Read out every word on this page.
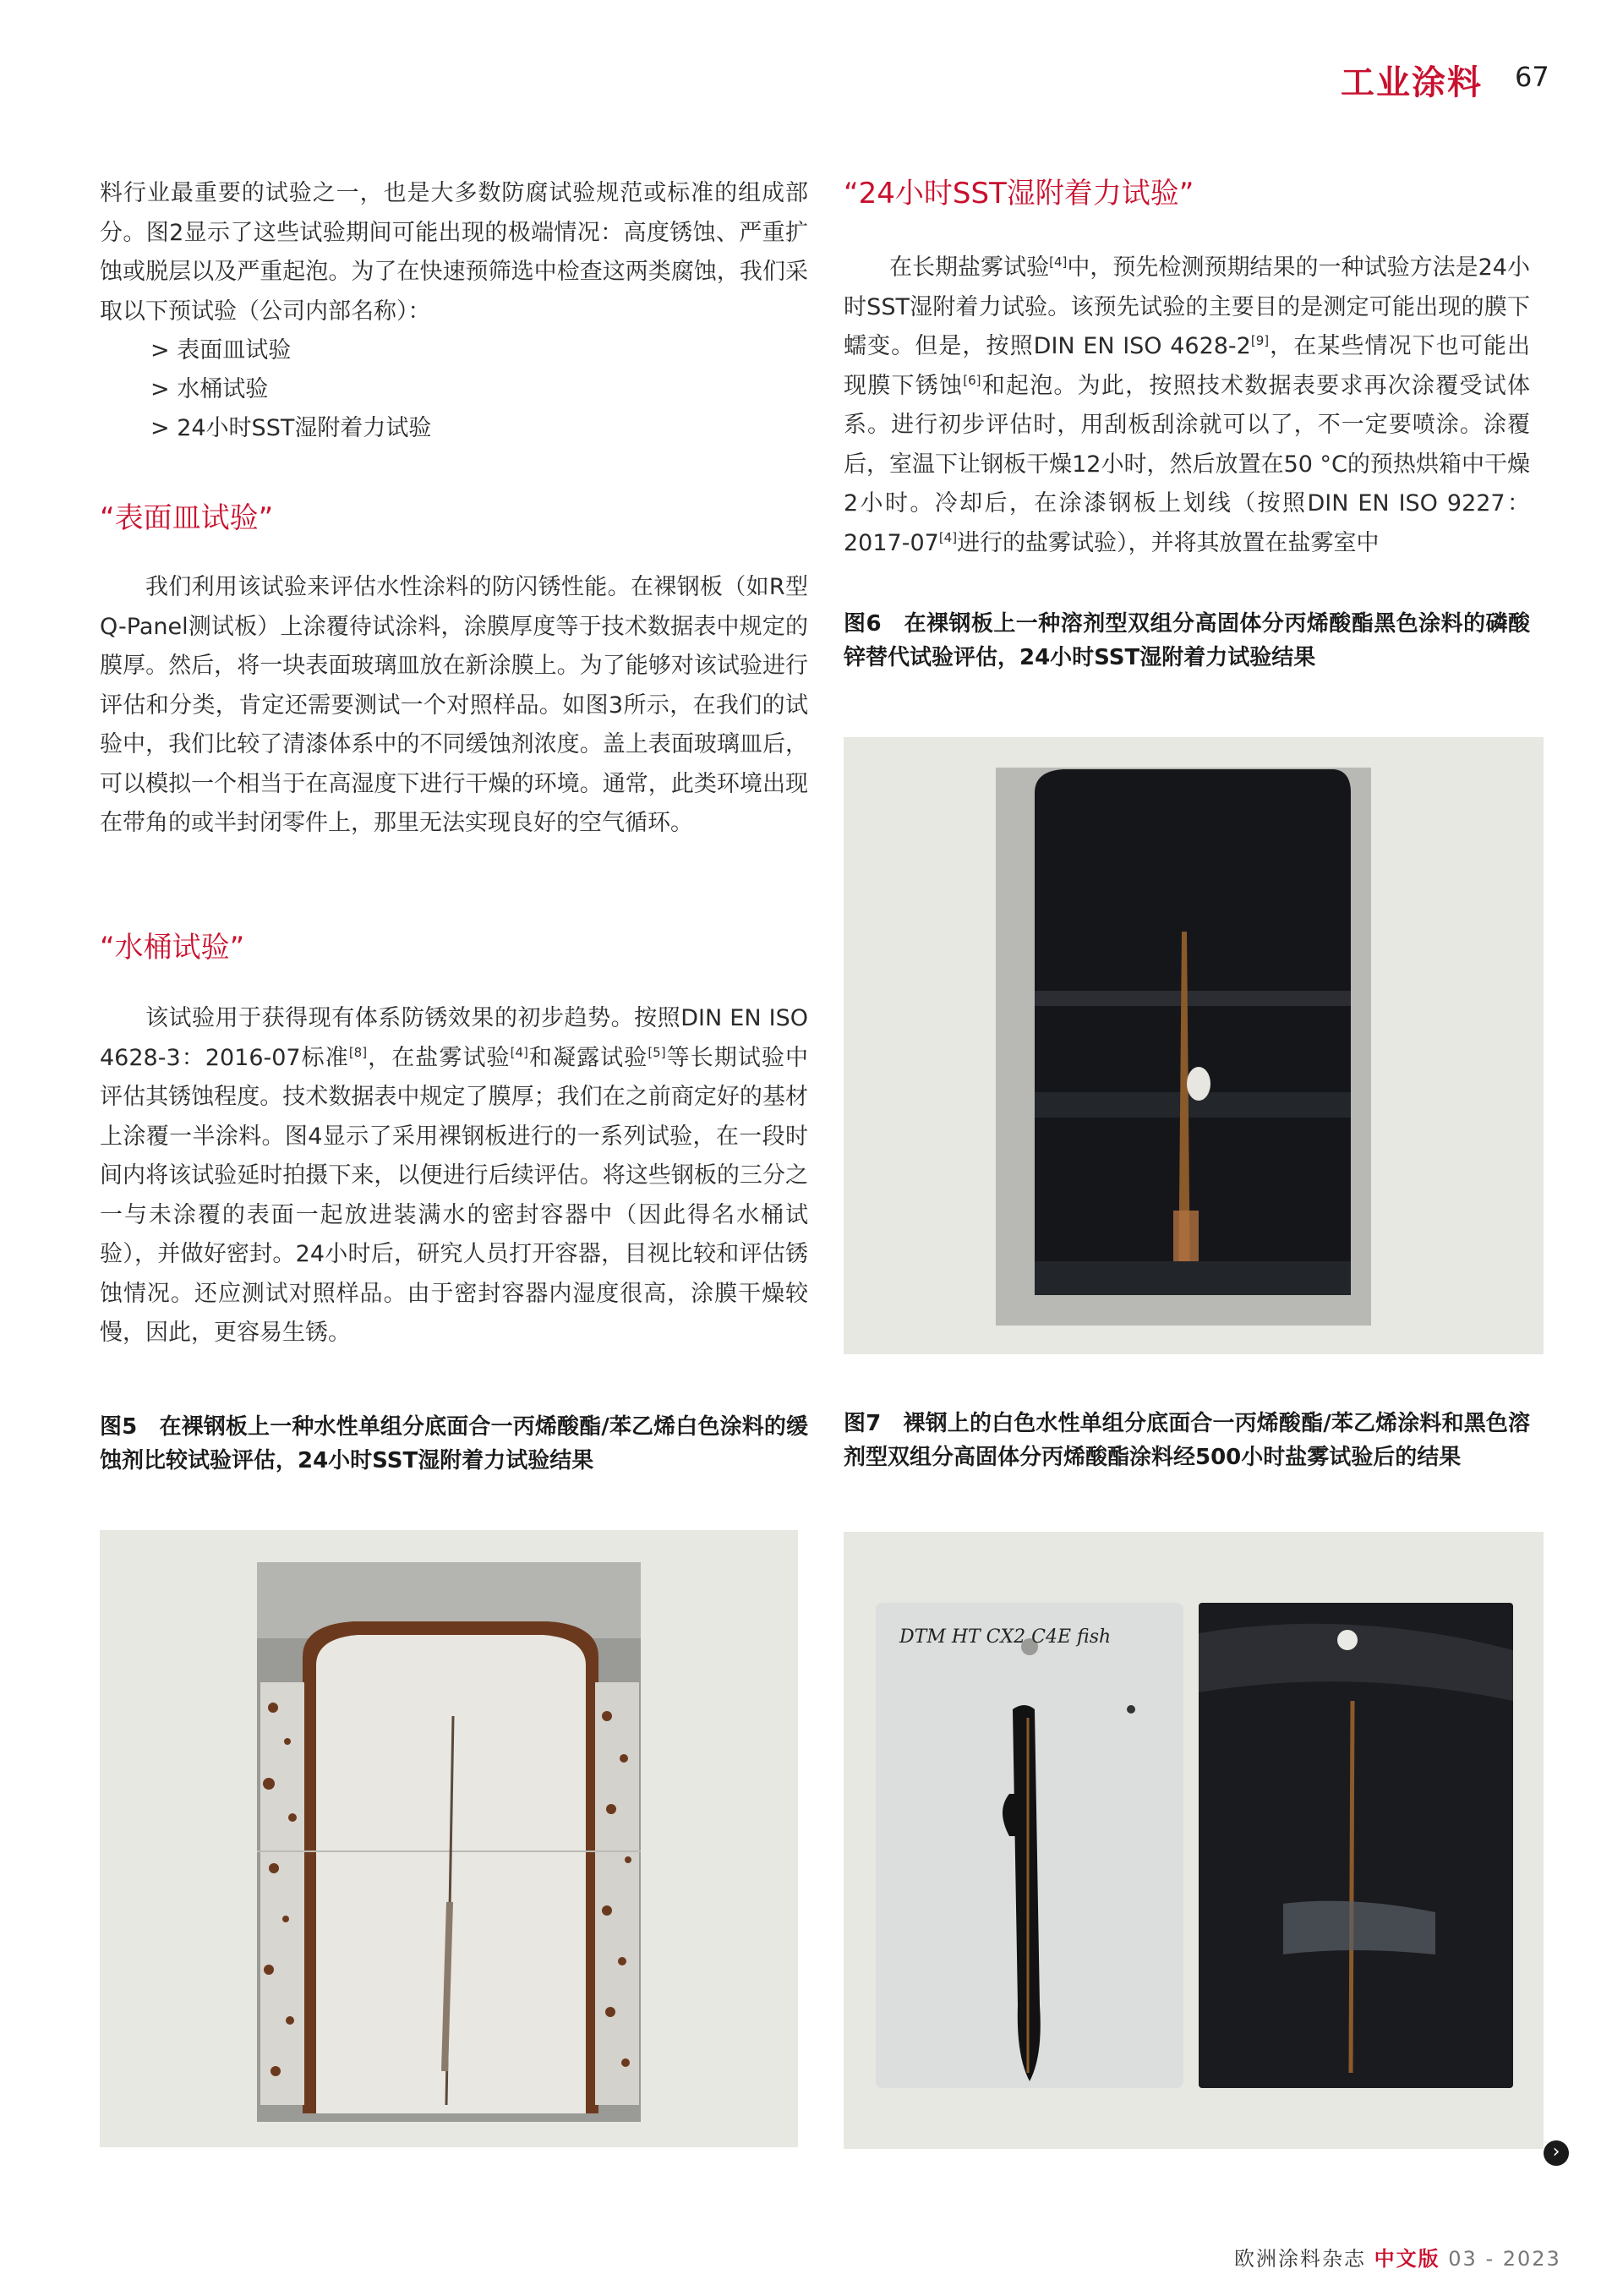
工业涂料 67

料行业最重要的试验之一，也是大多数防腐试验规范或标准的组成部分。图2显示了这些试验期间可能出现的极端情况：高度锈蚀、严重扩蚀或脱层以及严重起泡。为了在快速预筛选中检查这两类腐蚀，我们采取以下预试验（公司内部名称）：

> 表面皿试验

> 水桶试验

> 24小时SST湿附着力试验

“表面皿试验”

我们利用该试验来评估水性涂料的防闪锈性能。在裸钢板（如R型Q-Panel测试板）上涂覆待试涂料，涂膜厚度等于技术数据表中规定的膜厚。然后，将一块表面玻璃皿放在新涂膜上。为了能够对该试验进行评估和分类，肯定还需要测试一个对照样品。如图3所示，在我们的试验中，我们比较了清漆体系中的不同缓蚀剂浓度。盖上表面玻璃皿后，可以模拟一个相当于在高湿度下进行干燥的环境。通常，此类环境出现在带角的或半封闭零件上，那里无法实现良好的空气循环。

“水桶试验”

该试验用于获得现有体系防锈效果的初步趋势。按照DIN EN ISO 4628-3：2016-07标准[8]，在盐雾试验[4]和凝露试验[5]等长期试验中评估其锈蚀程度。技术数据表中规定了膜厚；我们在之前商定好的基材上涂覆一半涂料。图4显示了采用裸钢板进行的一系列试验，在一段时间内将该试验延时拍摄下来，以便进行后续评估。将这些钢板的三分之一与未涂覆的表面一起放进装满水的密封容器中（因此得名水桶试验），并做好密封。24小时后，研究人员打开容器，目视比较和评估锈蚀情况。还应测试对照样品。由于密封容器内湿度很高，涂膜干燥较慢，因此，更容易生锈。

图5　在裸钢板上一种水性单组分底面合一丙烯酸酯/苯乙烯白色涂料的缓蚀剂比较试验评估，24小时SST湿附着力试验结果

“24小时SST湿附着力试验”

在长期盐雾试验[4]中，预先检测预期结果的一种试验方法是24小时SST湿附着力试验。该预先试验的主要目的是测定可能出现的膜下蠕变。但是，按照DIN EN ISO 4628-2[9]，在某些情况下也可能出现膜下锈蚀[6]和起泡。为此，按照技术数据表要求再次涂覆受试体系。进行初步评估时，用刮板刮涂就可以了，不一定要喷涂。涂覆后，室温下让钢板干燥12小时，然后放置在50 °C的预热烘箱中干燥2小时。冷却后，在涂漆钢板上划线（按照DIN EN ISO 9227：2017-07[4]进行的盐雾试验），并将其放置在盐雾室中

图6　在裸钢板上一种溶剂型双组分高固体分丙烯酸酯黑色涂料的磷酸锌替代试验评估，24小时SST湿附着力试验结果

图7　裸钢上的白色水性单组分底面合一丙烯酸酯/苯乙烯涂料和黑色溶剂型双组分高固体分丙烯酸酯涂料经500小时盐雾试验后的结果

DTM HT CX2 C4E fish
›
欧洲涂料杂志 中文版 03 - 2023
